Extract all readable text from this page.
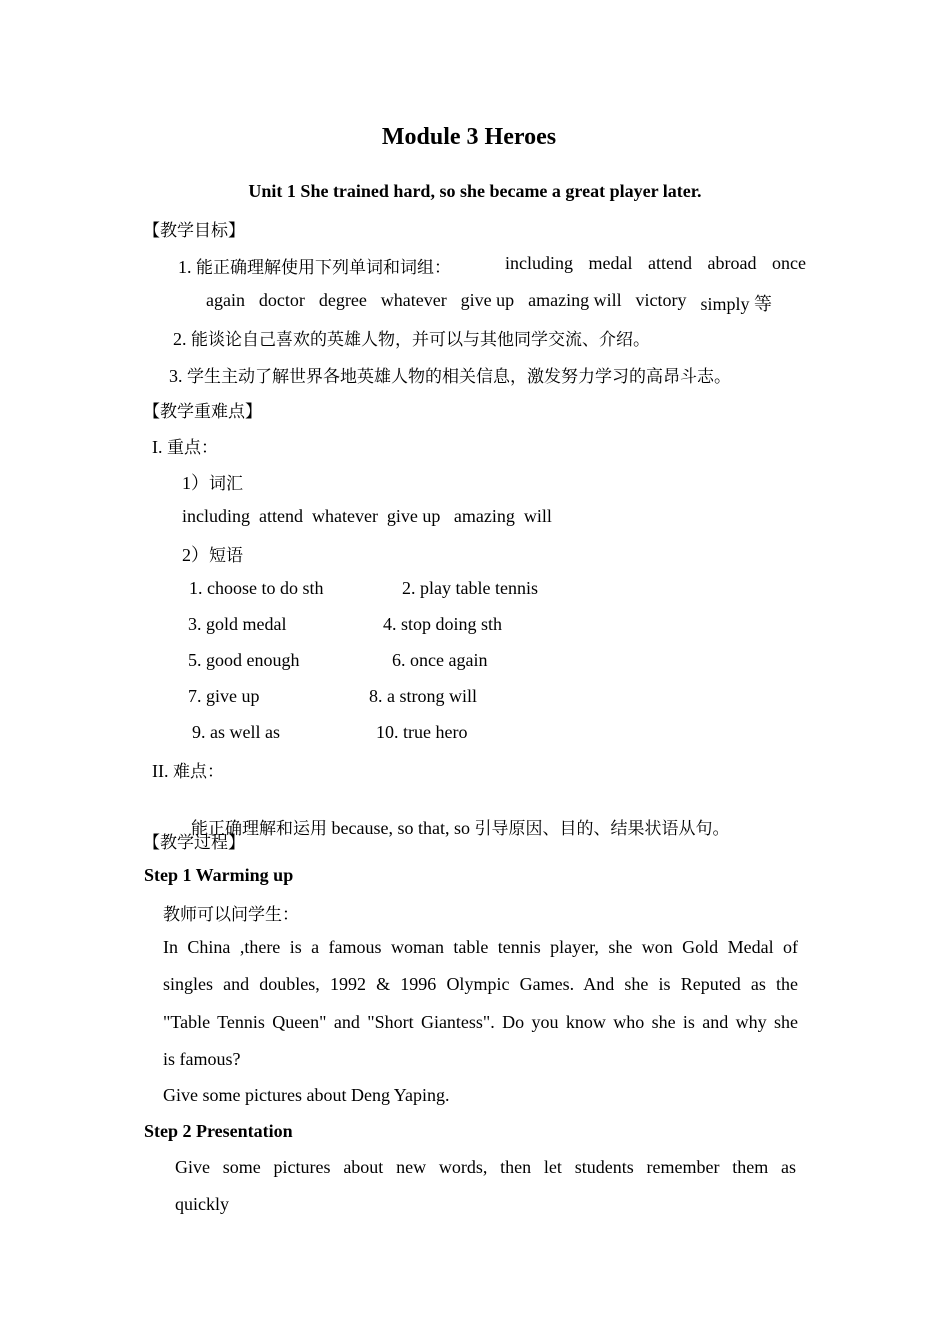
Module 3 Heroes
Unit 1 She trained hard, so she became a great player later.
【教学目标】
1. 能正确理解使用下列单词和词组：	including medal attend abroad once
again doctor degree whatever give up amazing will victory simply 等
2. 能谈论自己喜欢的英雄人物，并可以与其他同学交流、介绍。
3. 学生主动了解世界各地英雄人物的相关信息，激发努力学习的高昂斗志。
【教学重难点】
I. 重点：
1）词汇
including  attend  whatever  give up   amazing  will
2）短语
1. choose to do sth	2. play table tennis
3. gold medal	4. stop doing sth
5. good enough	6. once again
7. give up	8. a strong will
9. as well as	10. true hero
II. 难点：

能正确理解和运用 because, so that, so 引导原因、目的、结果状语从句。

【教学过程】
Step 1 Warming up
教师可以问学生：
In China ,there is a famous woman table tennis player, she won Gold Medal of
singles and doubles, 1992 & 1996 Olympic Games. And she is Reputed as the
"Table Tennis Queen" and "Short Giantess". Do you know who she is and why she
is famous?
Give some pictures about Deng Yaping.
Step 2 Presentation
Give some pictures about new words, then let students remember them as
quickly
